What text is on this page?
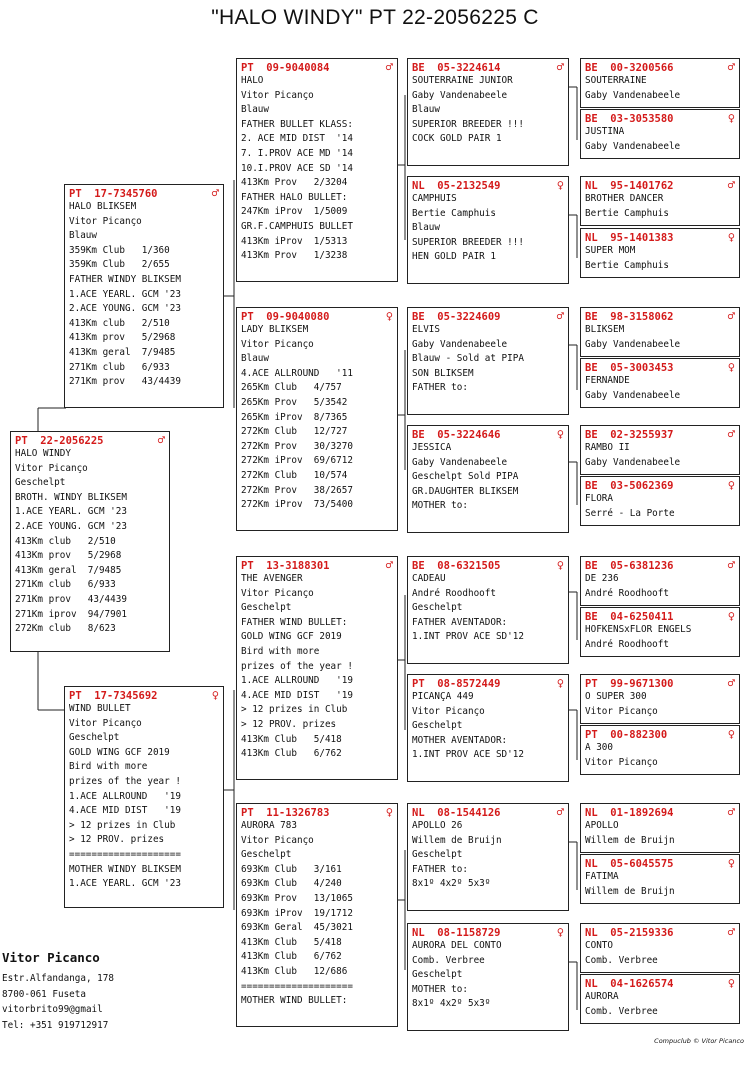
"HALO WINDY" PT 22-2056225 C
PT  22-2056225	♂
HALO WINDY
Vitor Picanço
Geschelpt
BROTH. WINDY BLIKSEM
1.ACE YEARL. GCM '23
2.ACE YOUNG. GCM '23
413Km club   2/510
413Km prov   5/2968
413Km geral  7/9485
271Km club   6/933
271Km prov   43/4439
271Km iprov  94/7901
272Km club   8/623
PT  17-7345760	♂
HALO BLIKSEM
Vitor Picanço
Blauw
359Km Club   1/360
359Km Club   2/655
FATHER WINDY BLIKSEM
1.ACE YEARL. GCM '23
2.ACE YOUNG. GCM '23
413Km club   2/510
413Km prov   5/2968
413Km geral  7/9485
271Km club   6/933
271Km prov   43/4439
PT  17-7345692	♀
WIND BULLET
Vitor Picanço
Geschelpt
GOLD WING GCF 2019
Bird with more
prizes of the year !
1.ACE ALLROUND   '19
4.ACE MID DIST   '19
> 12 prizes in Club
> 12 PROV. prizes
====================
MOTHER WINDY BLIKSEM
1.ACE YEARL. GCM '23
PT  09-9040084	♂
HALO
Vitor Picanço
Blauw
FATHER BULLET KLASS:
2. ACE MID DIST  '14
7. I.PROV ACE MD '14
10.I.PROV ACE SD '14
413Km Prov   2/3204
FATHER HALO BULLET:
247Km iProv  1/5009
GR.F.CAMPHUIS BULLET
413Km iProv  1/5313
413Km Prov   1/3238
PT  09-9040080	♀
LADY BLIKSEM
Vitor Picanço
Blauw
4.ACE ALLROUND   '11
265Km Club   4/757
265Km Prov   5/3542
265Km iProv  8/7365
272Km Club   12/727
272Km Prov   30/3270
272Km iProv  69/6712
272Km Club   10/574
272Km Prov   38/2657
272Km iProv  73/5400
PT  13-3188301	♂
THE AVENGER
Vitor Picanço
Geschelpt
FATHER WIND BULLET:
GOLD WING GCF 2019
Bird with more
prizes of the year !
1.ACE ALLROUND   '19
4.ACE MID DIST   '19
> 12 prizes in Club
> 12 PROV. prizes
413Km Club   5/418
413Km Club   6/762
PT  11-1326783	♀
AURORA 783
Vitor Picanço
Geschelpt
693Km Club   3/161
693Km Club   4/240
693Km Prov   13/1065
693Km iProv  19/1712
693Km Geral  45/3021
413Km Club   5/418
413Km Club   6/762
413Km Club   12/686
====================
MOTHER WIND BULLET:
BE  05-3224614	♂
SOUTERRAINE JUNIOR
Gaby Vandenabeele
Blauw
SUPERIOR BREEDER !!!
COCK GOLD PAIR 1
NL  05-2132549	♀
CAMPHUIS
Bertie Camphuis
Blauw
SUPERIOR BREEDER !!!
HEN GOLD PAIR 1
BE  05-3224609	♂
ELVIS
Gaby Vandenabeele
Blauw - Sold at PIPA
SON BLIKSEM
FATHER to:
BE  05-3224646	♀
JESSICA
Gaby Vandenabeele
Geschelpt Sold PIPA
GR.DAUGHTER BLIKSEM
MOTHER to:
BE  08-6321505	♀
CADEAU
André Roodhooft
Geschelpt
FATHER AVENTADOR:
1.INT PROV ACE SD'12
PT  08-8572449	♀
PICANÇA 449
Vitor Picanço
Geschelpt
MOTHER AVENTADOR:
1.INT PROV ACE SD'12
NL  08-1544126	♂
APOLLO 26
Willem de Bruijn
Geschelpt
FATHER to:
8x1º 4x2º 5x3º
NL  08-1158729	♀
AURORA DEL CONTO
Comb. Verbree
Geschelpt
MOTHER to:
8x1º 4x2º 5x3º
BE  00-3200566	♂
SOUTERRAINE
Gaby Vandenabeele
BE  03-3053580	♀
JUSTINA
Gaby Vandenabeele
NL  95-1401762	♂
BROTHER DANCER
Bertie Camphuis
NL  95-1401383	♀
SUPER MOM
Bertie Camphuis
BE  98-3158062	♂
BLIKSEM
Gaby Vandenabeele
BE  05-3003453	♀
FERNANDE
Gaby Vandenabeele
BE  02-3255937	♂
RAMBO II
Gaby Vandenabeele
BE  03-5062369	♀
FLORA
Serré - La Porte
BE  05-6381236	♂
DE 236
André Roodhooft
BE  04-6250411	♀
HOFKENSxFLOR ENGELS
André Roodhooft
PT  99-9671300	♂
O SUPER 300
Vitor Picanço
PT  00-882300	♀
A 300
Vitor Picanço
NL  01-1892694	♂
APOLLO
Willem de Bruijn
NL  05-6045575	♀
FATIMA
Willem de Bruijn
NL  05-2159336	♂
CONTO
Comb. Verbree
NL  04-1626574	♀
AURORA
Comb. Verbree
Vitor Picanco
Estr.Alfandanga, 178
8700-061 Fuseta
vitorbrito99@gmail
Tel: +351 919712917
Compuclub © Vitor Picanco
